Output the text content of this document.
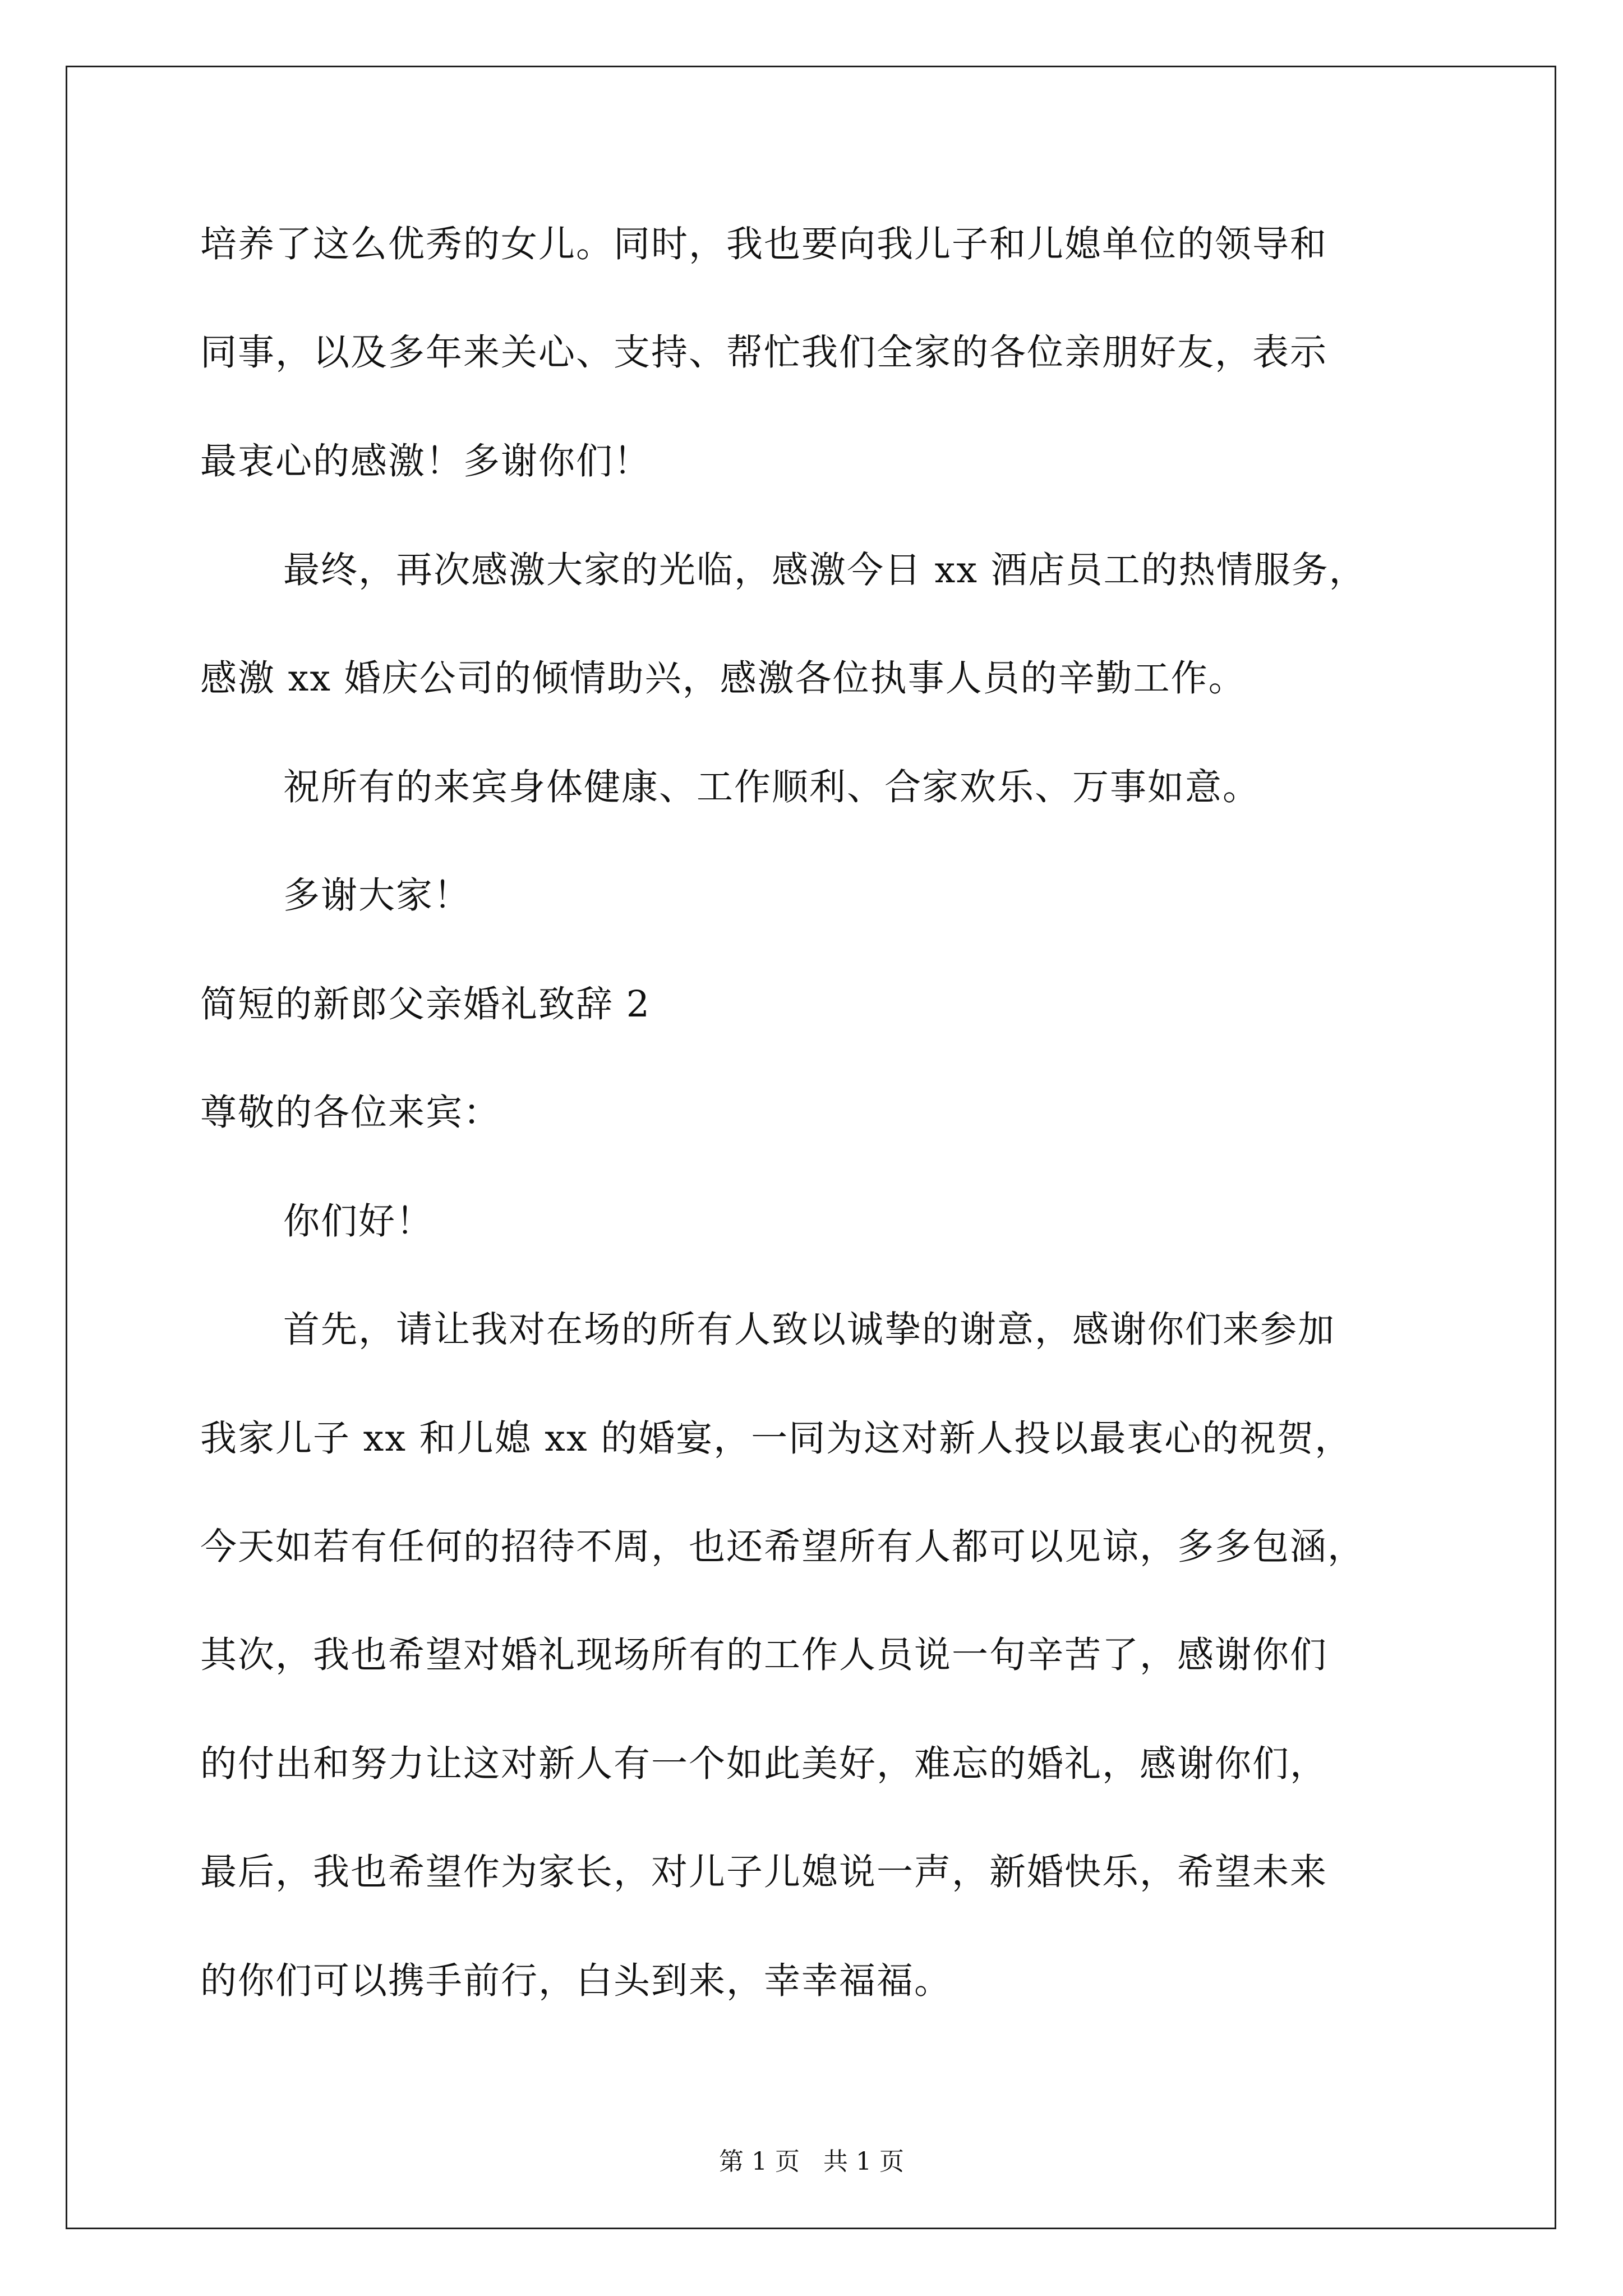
培养了这么优秀的女儿。同时，我也要向我儿子和儿媳单位的领导和
同事，以及多年来关心、支持、帮忙我们全家的各位亲朋好友，表示
最衷心的感激！多谢你们！
最终，再次感激大家的光临，感激今日 xx 酒店员工的热情服务，
感激 xx 婚庆公司的倾情助兴，感激各位执事人员的辛勤工作。
祝所有的来宾身体健康、工作顺利、合家欢乐、万事如意。
多谢大家！
简短的新郎父亲婚礼致辞 2
尊敬的各位来宾：
你们好！
首先，请让我对在场的所有人致以诚挚的谢意，感谢你们来参加
我家儿子 xx 和儿媳 xx 的婚宴，一同为这对新人投以最衷心的祝贺，
今天如若有任何的招待不周，也还希望所有人都可以见谅，多多包涵，
其次，我也希望对婚礼现场所有的工作人员说一句辛苦了，感谢你们
的付出和努力让这对新人有一个如此美好，难忘的婚礼，感谢你们，
最后，我也希望作为家长，对儿子儿媳说一声，新婚快乐，希望未来
的你们可以携手前行，白头到来，幸幸福福。
第 1 页   共 1 页
